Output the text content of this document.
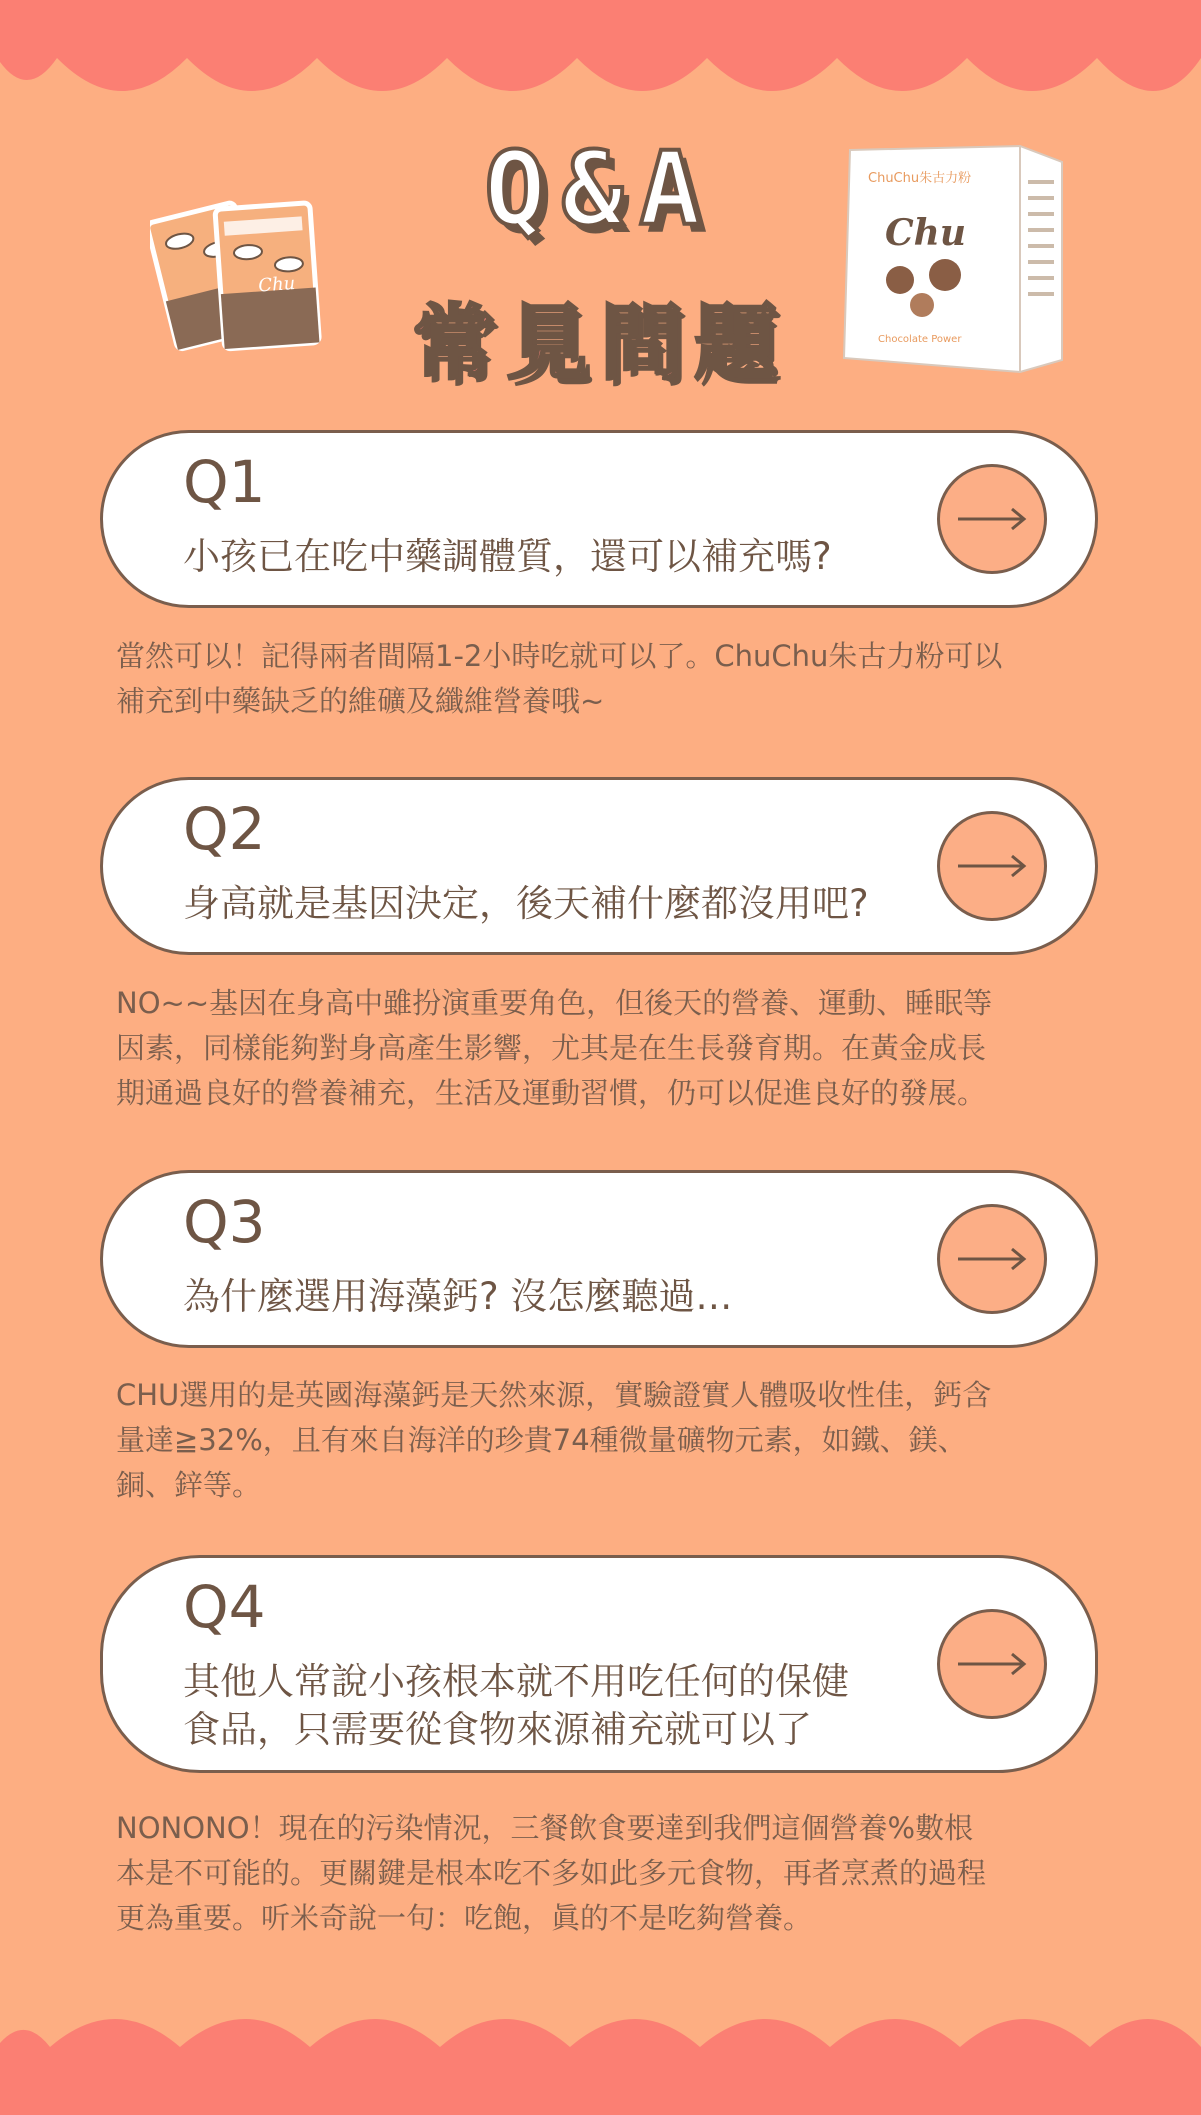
Chu
Q&A
常見問題
ChuChu朱古力粉
Chu
Chocolate Power
Q1
小孩已在吃中藥調體質，還可以補充嗎?
當然可以！記得兩者間隔1-2小時吃就可以了。ChuChu朱古力粉可以
補充到中藥缺乏的維礦及纖維營養哦~
Q2
身高就是基因決定，後天補什麼都沒用吧?
NO~~基因在身高中雖扮演重要角色，但後天的營養、運動、睡眠等
因素，同樣能夠對身高產生影響，尤其是在生長發育期。在黃金成長
期通過良好的營養補充，生活及運動習慣，仍可以促進良好的發展。
Q3
為什麼選用海藻鈣? 沒怎麼聽過…
CHU選用的是英國海藻鈣是天然來源，實驗證實人體吸收性佳，鈣含
量達≧32%，且有來自海洋的珍貴74種微量礦物元素，如鐵、鎂、
銅、鋅等。
Q4
其他人常說小孩根本就不用吃任何的保健
食品，只需要從食物來源補充就可以了
NONONO！現在的污染情況，三餐飲食要達到我們這個營養%數根
本是不可能的。更關鍵是根本吃不多如此多元食物，再者烹煮的過程
更為重要。听米奇說一句：吃飽，眞的不是吃夠營養。
